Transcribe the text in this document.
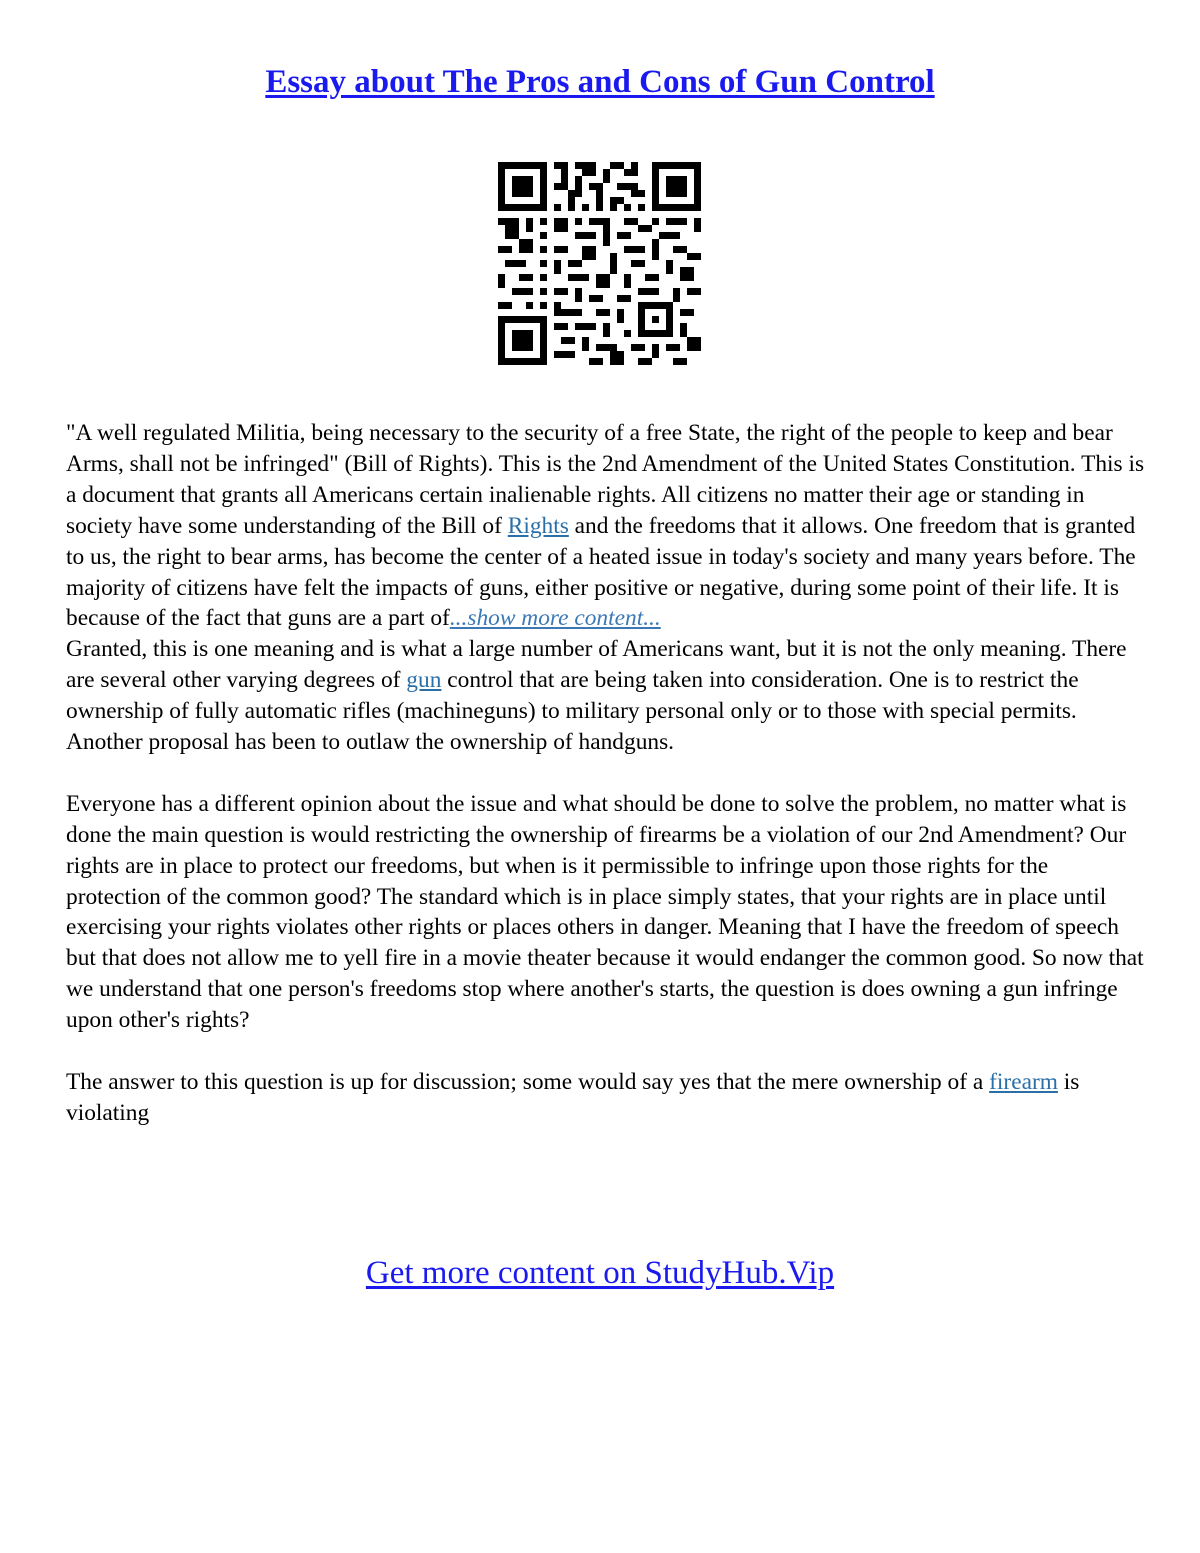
Essay about The Pros and Cons of Gun Control

"A well regulated Militia, being necessary to the security of a free State, the right of the people to keep and bear Arms, shall not be infringed" (Bill of Rights). This is the 2nd Amendment of the United States Constitution. This is a document that grants all Americans certain inalienable rights. All citizens no matter their age or standing in society have some understanding of the Bill of Rights and the freedoms that it allows. One freedom that is granted to us, the right to bear arms, has become the center of a heated issue in today's society and many years before. The majority of citizens have felt the impacts of guns, either positive or negative, during some point of their life. It is because of the fact that guns are a part of...show more content...

Granted, this is one meaning and is what a large number of Americans want, but it is not the only meaning. There are several other varying degrees of gun control that are being taken into consideration. One is to restrict the ownership of fully automatic rifles (machineguns) to military personal only or to those with special permits. Another proposal has been to outlaw the ownership of handguns.

Everyone has a different opinion about the issue and what should be done to solve the problem, no matter what is done the main question is would restricting the ownership of firearms be a violation of our 2nd Amendment? Our rights are in place to protect our freedoms, but when is it permissible to infringe upon those rights for the protection of the common good? The standard which is in place simply states, that your rights are in place until exercising your rights violates other rights or places others in danger. Meaning that I have the freedom of speech but that does not allow me to yell fire in a movie theater because it would endanger the common good. So now that we understand that one person's freedoms stop where another's starts, the question is does owning a gun infringe upon other's rights?

The answer to this question is up for discussion; some would say yes that the mere ownership of a firearm is violating

Get more content on StudyHub.Vip
